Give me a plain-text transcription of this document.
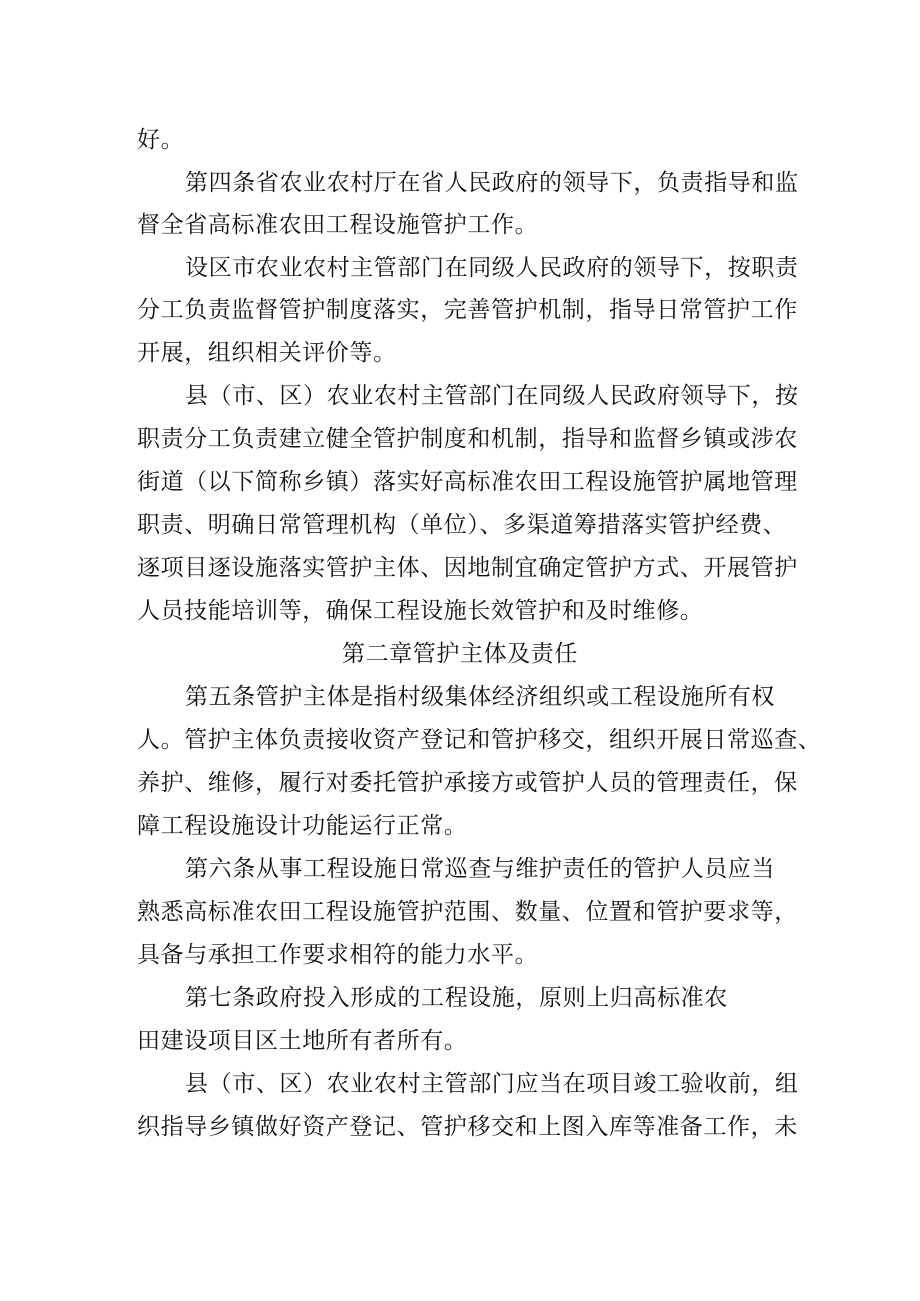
好。
第四条省农业农村厅在省人民政府的领导下，负责指导和监
督全省高标准农田工程设施管护工作。
设区市农业农村主管部门在同级人民政府的领导下，按职责
分工负责监督管护制度落实，完善管护机制，指导日常管护工作
开展，组织相关评价等。
县（市、区）农业农村主管部门在同级人民政府领导下，按
职责分工负责建立健全管护制度和机制，指导和监督乡镇或涉农
街道（以下简称乡镇）落实好高标准农田工程设施管护属地管理
职责、明确日常管理机构（单位）、多渠道筹措落实管护经费、
逐项目逐设施落实管护主体、因地制宜确定管护方式、开展管护
人员技能培训等，确保工程设施长效管护和及时维修。
第二章管护主体及责任
第五条管护主体是指村级集体经济组织或工程设施所有权
人。管护主体负责接收资产登记和管护移交，组织开展日常巡查、
养护、维修，履行对委托管护承接方或管护人员的管理责任，保
障工程设施设计功能运行正常。
第六条从事工程设施日常巡查与维护责任的管护人员应当
熟悉高标准农田工程设施管护范围、数量、位置和管护要求等，
具备与承担工作要求相符的能力水平。
第七条政府投入形成的工程设施，原则上归高标准农
田建设项目区土地所有者所有。
县（市、区）农业农村主管部门应当在项目竣工验收前，组
织指导乡镇做好资产登记、管护移交和上图入库等准备工作，未
